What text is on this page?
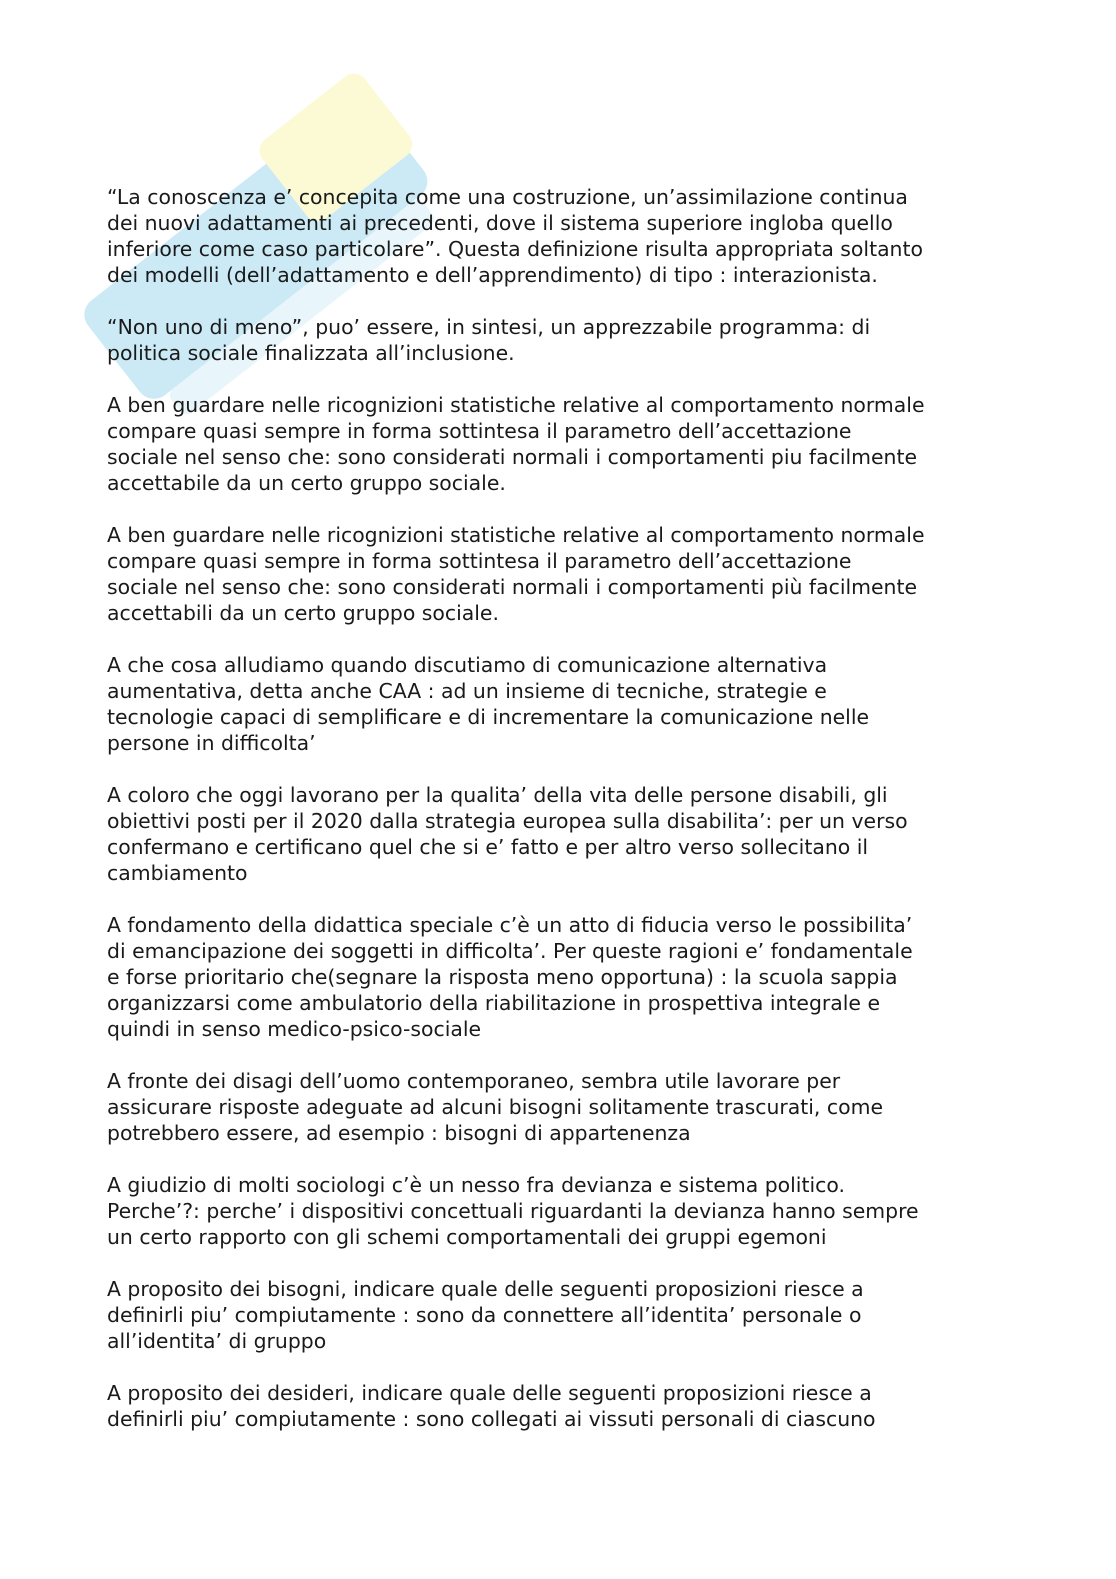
“La conoscenza e’ concepita come una costruzione, un’assimilazione continua
dei nuovi adattamenti ai precedenti, dove il sistema superiore ingloba quello
inferiore come caso particolare”. Questa definizione risulta appropriata soltanto
dei modelli (dell’adattamento e dell’apprendimento) di tipo : interazionista.

“Non uno di meno”, puo’ essere, in sintesi, un apprezzabile programma: di
politica sociale finalizzata all’inclusione.

A ben guardare nelle ricognizioni statistiche relative al comportamento normale
compare quasi sempre in forma sottintesa il parametro dell’accettazione
sociale nel senso che: sono considerati normali i comportamenti piu facilmente
accettabile da un certo gruppo sociale.

A ben guardare nelle ricognizioni statistiche relative al comportamento normale
compare quasi sempre in forma sottintesa il parametro dell’accettazione
sociale nel senso che: sono considerati normali i comportamenti più facilmente
accettabili da un certo gruppo sociale.

A che cosa alludiamo quando discutiamo di comunicazione alternativa
aumentativa, detta anche CAA : ad un insieme di tecniche, strategie e
tecnologie capaci di semplificare e di incrementare la comunicazione nelle
persone in difficolta’

A coloro che oggi lavorano per la qualita’ della vita delle persone disabili, gli
obiettivi posti per il 2020 dalla strategia europea sulla disabilita’: per un verso
confermano e certificano quel che si e’ fatto e per altro verso sollecitano il
cambiamento

A fondamento della didattica speciale c’è un atto di fiducia verso le possibilita’
di emancipazione dei soggetti in difficolta’. Per queste ragioni e’ fondamentale
e forse prioritario che(segnare la risposta meno opportuna) : la scuola sappia
organizzarsi come ambulatorio della riabilitazione in prospettiva integrale e
quindi in senso medico-psico-sociale

A fronte dei disagi dell’uomo contemporaneo, sembra utile lavorare per
assicurare risposte adeguate ad alcuni bisogni solitamente trascurati, come
potrebbero essere, ad esempio : bisogni di appartenenza

A giudizio di molti sociologi c’è un nesso fra devianza e sistema politico.
Perche’?: perche’ i dispositivi concettuali riguardanti la devianza hanno sempre
un certo rapporto con gli schemi comportamentali dei gruppi egemoni

A proposito dei bisogni, indicare quale delle seguenti proposizioni riesce a
definirli piu’ compiutamente : sono da connettere all’identita’ personale o
all’identita’ di gruppo

A proposito dei desideri, indicare quale delle seguenti proposizioni riesce a
definirli piu’ compiutamente : sono collegati ai vissuti personali di ciascuno
